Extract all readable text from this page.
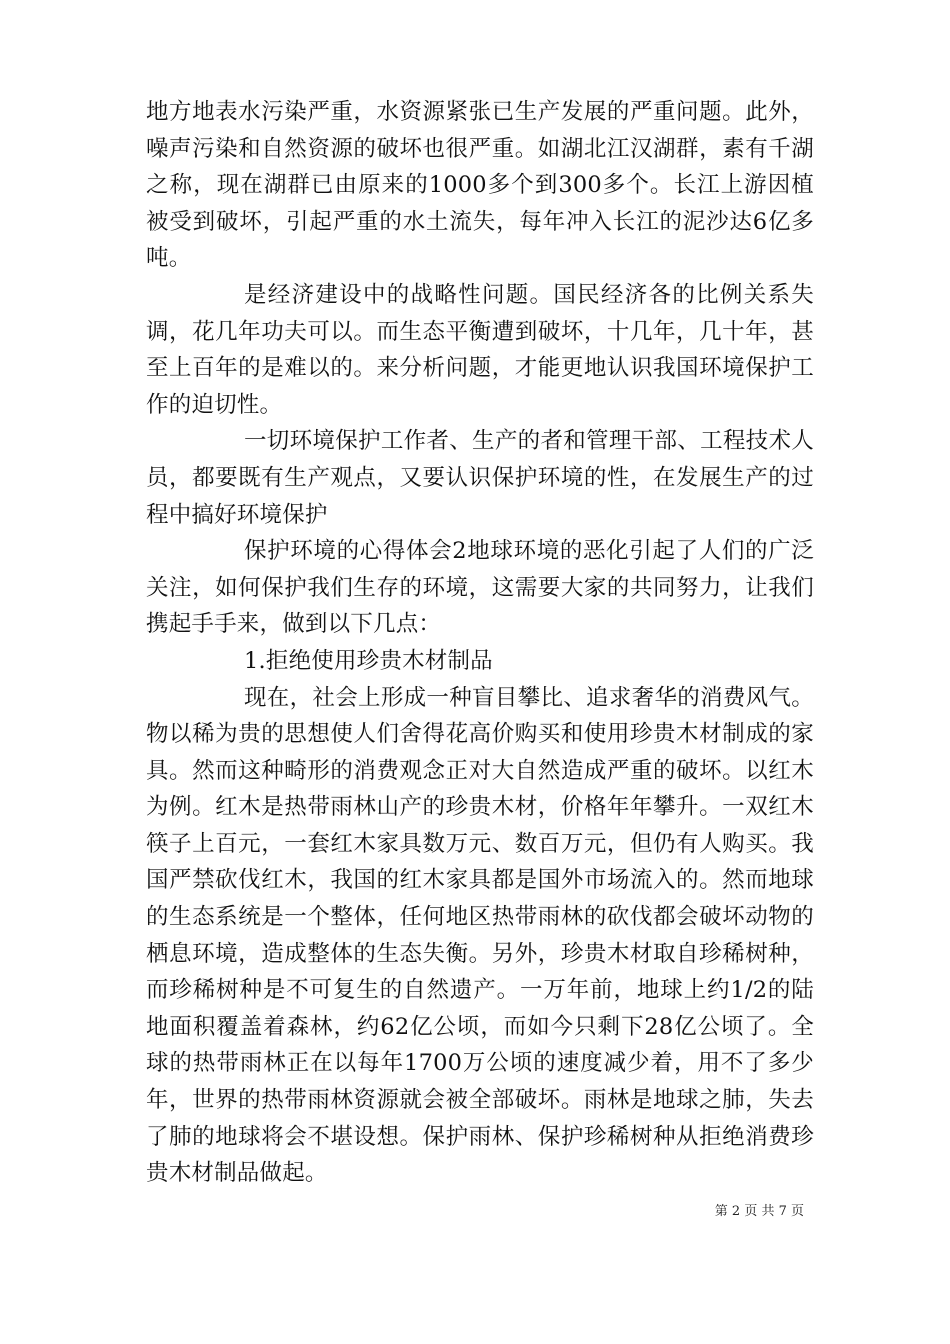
地方地表水污染严重，水资源紧张已生产发展的严重问题。此外，噪声污染和自然资源的破坏也很严重。如湖北江汉湖群，素有千湖之称，现在湖群已由原来的1000多个到300多个。长江上游因植被受到破坏，引起严重的水土流失，每年冲入长江的泥沙达6亿多吨。

是经济建设中的战略性问题。国民经济各的比例关系失调，花几年功夫可以。而生态平衡遭到破坏，十几年，几十年，甚至上百年的是难以的。来分析问题，才能更地认识我国环境保护工作的迫切性。

一切环境保护工作者、生产的者和管理干部、工程技术人员，都要既有生产观点，又要认识保护环境的性，在发展生产的过程中搞好环境保护

保护环境的心得体会2地球环境的恶化引起了人们的广泛关注，如何保护我们生存的环境，这需要大家的共同努力，让我们携起手手来，做到以下几点：

1.拒绝使用珍贵木材制品

现在，社会上形成一种盲目攀比、追求奢华的消费风气。物以稀为贵的思想使人们舍得花高价购买和使用珍贵木材制成的家具。然而这种畸形的消费观念正对大自然造成严重的破坏。以红木为例。红木是热带雨林山产的珍贵木材，价格年年攀升。一双红木筷子上百元，一套红木家具数万元、数百万元，但仍有人购买。我国严禁砍伐红木，我国的红木家具都是国外市场流入的。然而地球的生态系统是一个整体，任何地区热带雨林的砍伐都会破坏动物的栖息环境，造成整体的生态失衡。另外，珍贵木材取自珍稀树种，而珍稀树种是不可复生的自然遗产。一万年前，地球上约1/2的陆地面积覆盖着森林，约62亿公顷，而如今只剩下28亿公顷了。全球的热带雨林正在以每年1700万公顷的速度减少着，用不了多少年，世界的热带雨林资源就会被全部破坏。雨林是地球之肺，失去了肺的地球将会不堪设想。保护雨林、保护珍稀树种从拒绝消费珍贵木材制品做起。

第 2 页 共 7 页
